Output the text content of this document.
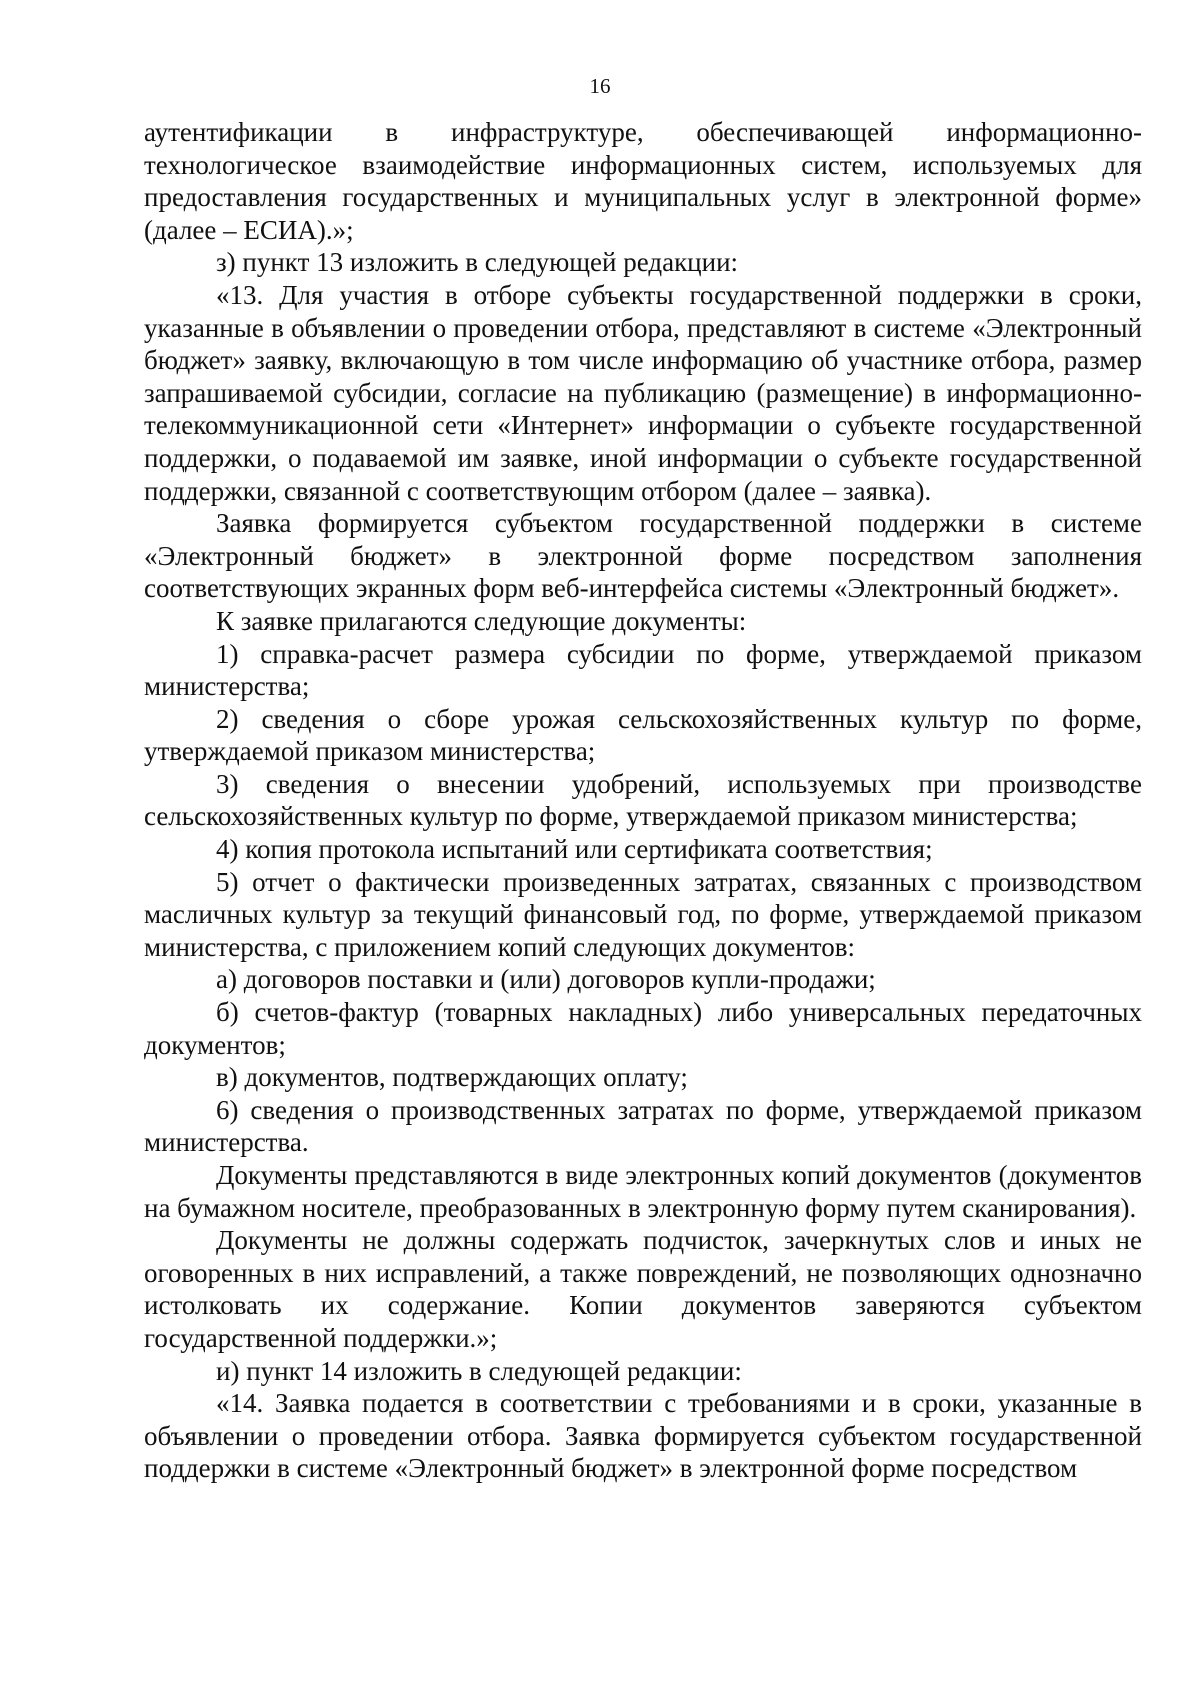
16

аутентификации в инфраструктуре, обеспечивающей информационно-технологическое взаимодействие информационных систем, используемых для предоставления государственных и муниципальных услуг в электронной форме» (далее – ЕСИА).»;

з) пункт 13 изложить в следующей редакции:

«13. Для участия в отборе субъекты государственной поддержки в сроки, указанные в объявлении о проведении отбора, представляют в системе «Электронный бюджет» заявку, включающую в том числе информацию об участнике отбора, размер запрашиваемой субсидии, согласие на публикацию (размещение) в информационно-телекоммуникационной сети «Интернет» информации о субъекте государственной поддержки, о подаваемой им заявке, иной информации о субъекте государственной поддержки, связанной с соответствующим отбором (далее – заявка).

Заявка формируется субъектом государственной поддержки в системе «Электронный бюджет» в электронной форме посредством заполнения соответствующих экранных форм веб-интерфейса системы «Электронный бюджет».

К заявке прилагаются следующие документы:

1) справка-расчет размера субсидии по форме, утверждаемой приказом министерства;

2) сведения о сборе урожая сельскохозяйственных культур по форме, утверждаемой приказом министерства;

3) сведения о внесении удобрений, используемых при производстве сельскохозяйственных культур по форме, утверждаемой приказом министерства;

4) копия протокола испытаний или сертификата соответствия;

5) отчет о фактически произведенных затратах, связанных с производством масличных культур за текущий финансовый год, по форме, утверждаемой приказом министерства, с приложением копий следующих документов:

а) договоров поставки и (или) договоров купли-продажи;

б) счетов-фактур (товарных накладных) либо универсальных передаточных документов;

в) документов, подтверждающих оплату;

6) сведения о производственных затратах по форме, утверждаемой приказом министерства.

Документы представляются в виде электронных копий документов (документов на бумажном носителе, преобразованных в электронную форму путем сканирования).

Документы не должны содержать подчисток, зачеркнутых слов и иных не оговоренных в них исправлений, а также повреждений, не позволяющих однозначно истолковать их содержание. Копии документов заверяются субъектом государственной поддержки.»;

и) пункт 14 изложить в следующей редакции:

«14. Заявка подается в соответствии с требованиями и в сроки, указанные в объявлении о проведении отбора. Заявка формируется субъектом государственной поддержки в системе «Электронный бюджет» в электронной форме посредством
